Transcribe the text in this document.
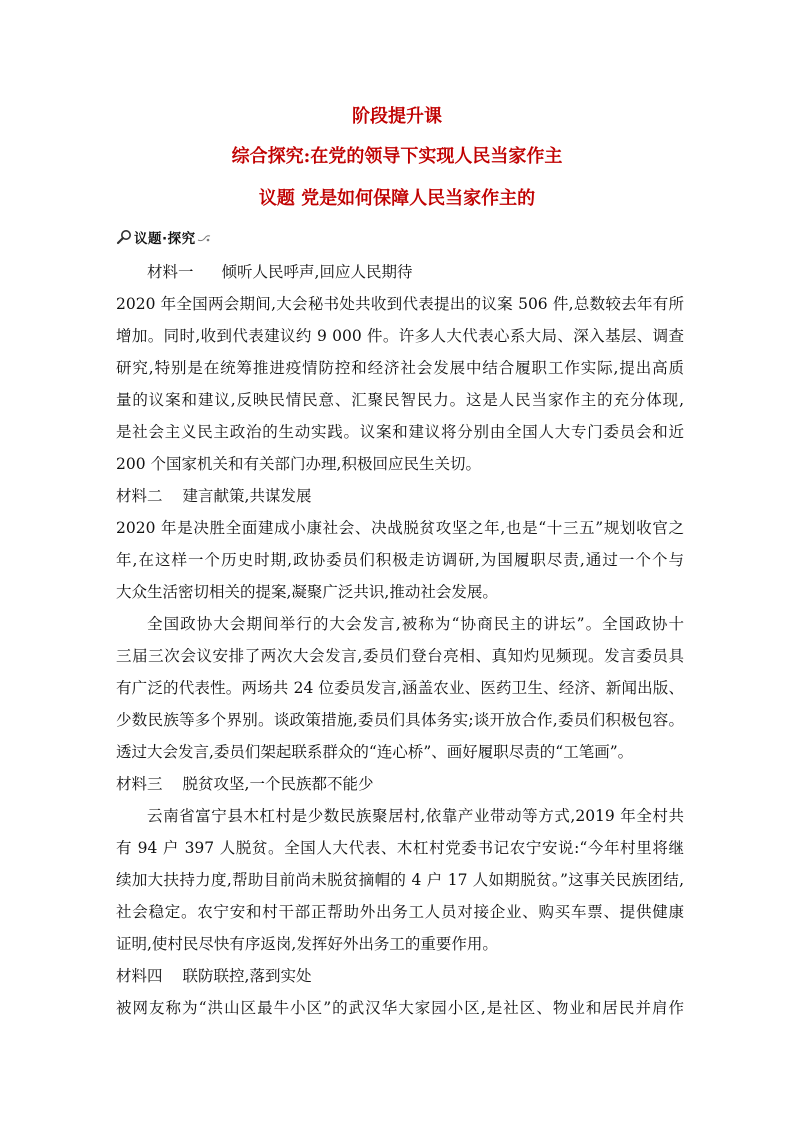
阶段提升课
综合探究:在党的领导下实现人民当家作主
议题 党是如何保障人民当家作主的
议题·探究
材料一 倾听人民呼声,回应人民期待
2020 年全国两会期间,大会秘书处共收到代表提出的议案 506 件,总数较去年有所
增加。同时,收到代表建议约 9 000 件。许多人大代表心系大局、深入基层、调查
研究,特别是在统筹推进疫情防控和经济社会发展中结合履职工作实际,提出高质
量的议案和建议,反映民情民意、汇聚民智民力。这是人民当家作主的充分体现,
是社会主义民主政治的生动实践。议案和建议将分别由全国人大专门委员会和近
200 个国家机关和有关部门办理,积极回应民生关切。
材料二 建言献策,共谋发展
2020 年是决胜全面建成小康社会、决战脱贫攻坚之年,也是“十三五”规划收官之
年,在这样一个历史时期,政协委员们积极走访调研,为国履职尽责,通过一个个与
大众生活密切相关的提案,凝聚广泛共识,推动社会发展。
全国政协大会期间举行的大会发言,被称为“协商民主的讲坛”。全国政协十
三届三次会议安排了两次大会发言,委员们登台亮相、真知灼见频现。发言委员具
有广泛的代表性。两场共 24 位委员发言,涵盖农业、医药卫生、经济、新闻出版、
少数民族等多个界别。谈政策措施,委员们具体务实;谈开放合作,委员们积极包容。
透过大会发言,委员们架起联系群众的“连心桥”、画好履职尽责的“工笔画”。
材料三 脱贫攻坚,一个民族都不能少
云南省富宁县木杠村是少数民族聚居村,依靠产业带动等方式,2019 年全村共
有 94 户 397 人脱贫。全国人大代表、木杠村党委书记农宁安说:“今年村里将继
续加大扶持力度,帮助目前尚未脱贫摘帽的 4 户 17 人如期脱贫。”这事关民族团结,
社会稳定。农宁安和村干部正帮助外出务工人员对接企业、购买车票、提供健康
证明,使村民尽快有序返岗,发挥好外出务工的重要作用。
材料四 联防联控,落到实处
被网友称为“洪山区最牛小区”的武汉华大家园小区,是社区、物业和居民并肩作
